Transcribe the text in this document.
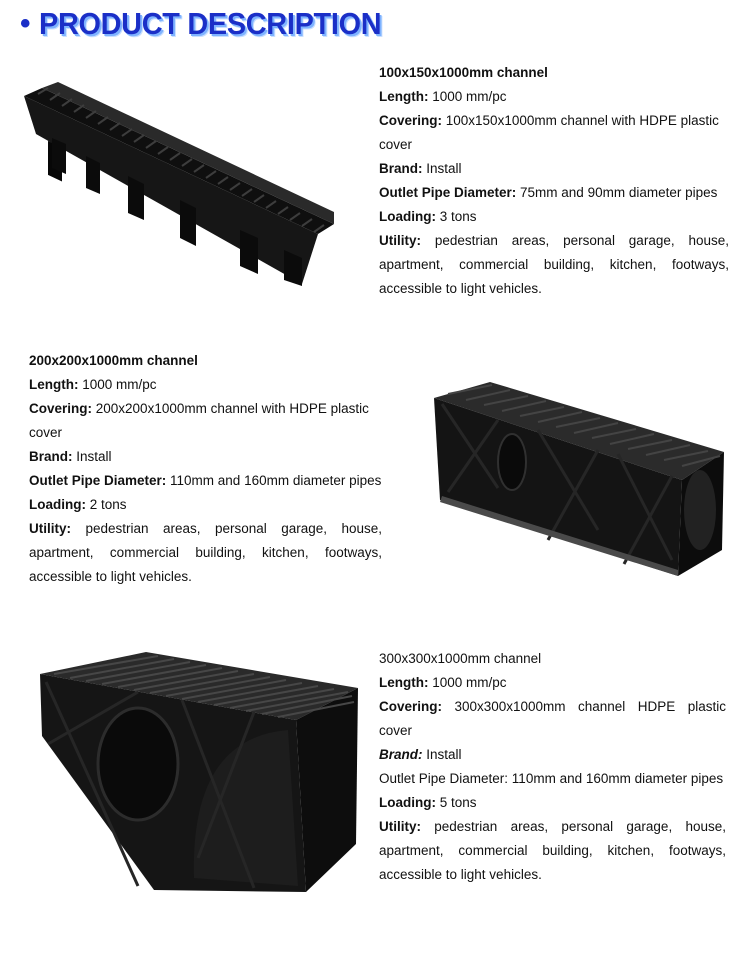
• PRODUCT DESCRIPTION

100x150x1000mm channel

Length: 1000 mm/pc

Covering: 100x150x1000mm channel with HDPE plastic cover

Brand: Install

Outlet Pipe Diameter: 75mm and 90mm diameter pipes

Loading: 3 tons

Utility: pedestrian areas, personal garage, house, apartment, commercial building, kitchen, footways, accessible to light vehicles.

200x200x1000mm channel

Length: 1000 mm/pc

Covering: 200x200x1000mm channel with HDPE plastic cover

Brand: Install

Outlet Pipe Diameter: 110mm and 160mm diameter pipes

Loading: 2 tons

Utility: pedestrian areas, personal garage, house, apartment, commercial building, kitchen, footways, accessible to light vehicles.

300x300x1000mm channel

Length: 1000 mm/pc

Covering: 300x300x1000mm channel HDPE plastic cover

Brand: Install

Outlet Pipe Diameter: 110mm and 160mm diameter pipes

Loading: 5 tons

Utility: pedestrian areas, personal garage, house, apartment, commercial building, kitchen, footways, accessible to light vehicles.
